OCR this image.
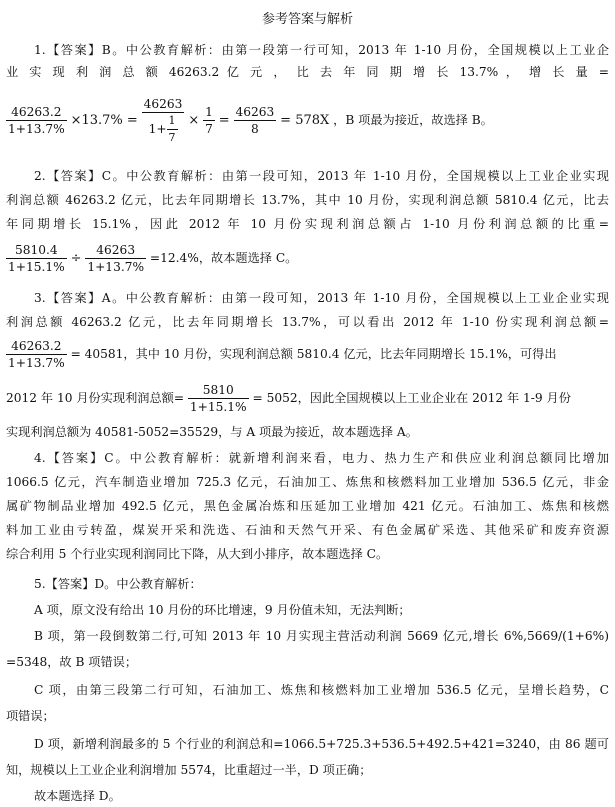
参考答案与解析
1.【答案】B。中公教育解析：由第一段第一行可知，2013 年 1-10 月份，全国规模以上工业企
业 实 现 利 润 总 额 46263.2 亿 元 ， 比 去 年 同 期 增 长 13.7% ， 增 长 量 =
$\frac{46263.2}{1+13.7\%} \times 13.7\% = \frac{46263}{1+ \frac{1}{7}} \times \frac{1}{7} = \frac{46263}{8} = 578X$ ，B 项最为接近，故选择 B。
2.【答案】C。中公教育解析：由第一段可知，2013 年 1-10 月份，全国规模以上工业企业实现
利润总额 46263.2 亿元，比去年同期增长 13.7%，其中 10 月份，实现利润总额 5810.4 亿元，比去
年同期增长 15.1%，因此 2012 年 10 月份实现利润总额占 1-10 月份利润总额的比重=
$\frac{5810.4}{1+15.1\%} \div \frac{46263}{1+13.7\%} =12.4\%$，故本题选择 C。
3.【答案】A。中公教育解析：由第一段可知，2013 年 1-10 月份，全国规模以上工业企业实现
利润总额 46263.2 亿元，比去年同期增长 13.7%，可以看出 2012 年 1-10 份实现利润总额=
$\frac{46263.2}{1+13.7\%} = 40581$，其中 10 月份，实现利润总额 5810.4 亿元，比去年同期增长 15.1%，可得出
2012 年 10 月份实现利润总额= $\frac{5810}{1+15.1\%} = 5052$，因此全国规模以上工业企业在 2012 年 1-9 月份
实现利润总额为 40581-5052=35529，与 A 项最为接近，故本题选择 A。
4.【答案】C。中公教育解析：就新增利润来看，电力、热力生产和供应业利润总额同比增加
1066.5 亿元，汽车制造业增加 725.3 亿元，石油加工、炼焦和核燃料加工业增加 536.5 亿元，非金
属矿物制品业增加 492.5 亿元，黑色金属冶炼和压延加工业增加 421 亿元。石油加工、炼焦和核燃
料加工业由亏转盈，煤炭开采和洗选、石油和天然气开采、有色金属矿采选、其他采矿和废弃资源
综合利用 5 个行业实现利润同比下降，从大到小排序，故本题选择 C。
5.【答案】D。中公教育解析：
A 项，原文没有给出 10 月份的环比增速，9 月份值未知，无法判断；
B 项，第一段倒数第二行,可知 2013 年 10 月实现主营活动利润 5669 亿元,增长 6%,5669/(1+6%)
=5348，故 B 项错误；
C 项，由第三段第二行可知，石油加工、炼焦和核燃料加工业增加 536.5 亿元，呈增长趋势，C
项错误；
D 项，新增利润最多的 5 个行业的利润总和=1066.5+725.3+536.5+492.5+421=3240，由 86 题可
知，规模以上工业企业利润增加 5574，比重超过一半，D 项正确；
故本题选择 D。
